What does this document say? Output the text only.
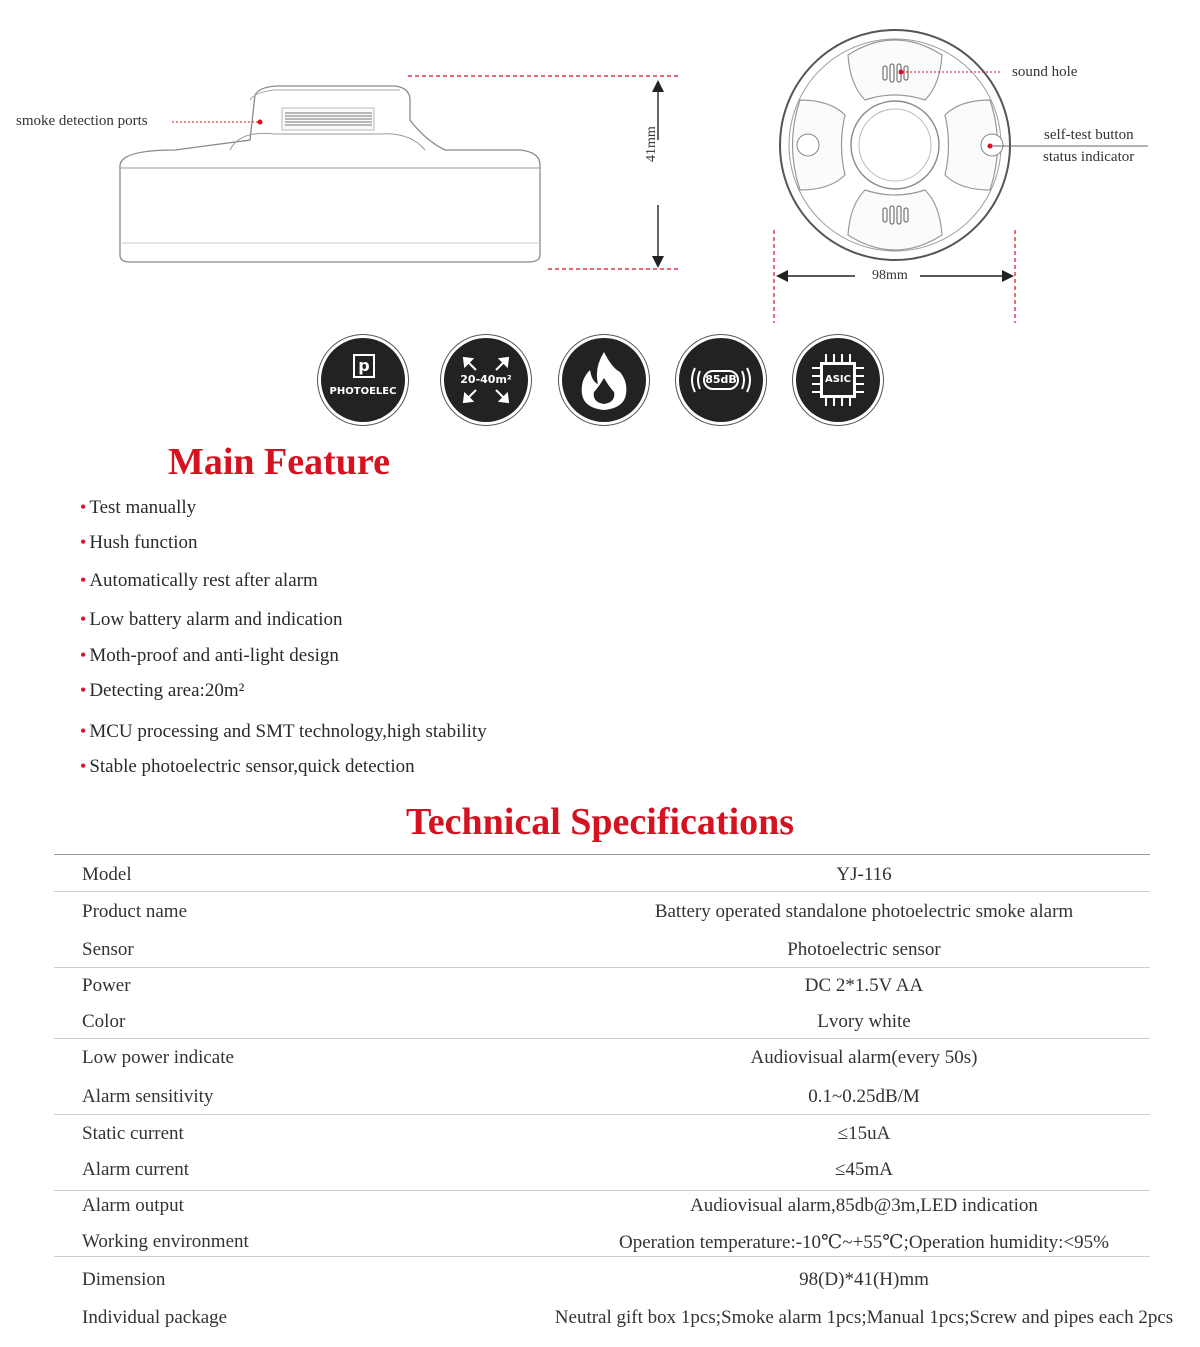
smoke detection ports
41mm
sound hole
self-test button
status indicator
98mm
p
PHOTOELEC
20-40m²	85dB	ASIC
Main Feature
• Test manually
• Hush function
• Automatically rest after alarm
• Low battery alarm and indication
• Moth-proof and anti-light design
• Detecting area:20m²
• MCU processing and SMT technology,high stability
• Stable photoelectric sensor,quick detection
Technical Specifications
Model	YJ-116
Product name	Battery operated standalone photoelectric smoke alarm
Sensor	Photoelectric sensor
Power	DC 2*1.5V AA
Color	Lvory white
Low power indicate	Audiovisual alarm(every 50s)
Alarm sensitivity	0.1~0.25dB/M
Static current	≤15uA
Alarm current	≤45mA
Alarm output	Audiovisual alarm,85db@3m,LED indication
Working environment	Operation temperature:-10℃~+55℃;Operation humidity:<95%
Dimension	98(D)*41(H)mm
Individual package	Neutral gift box 1pcs;Smoke alarm 1pcs;Manual 1pcs;Screw and pipes each 2pcs
